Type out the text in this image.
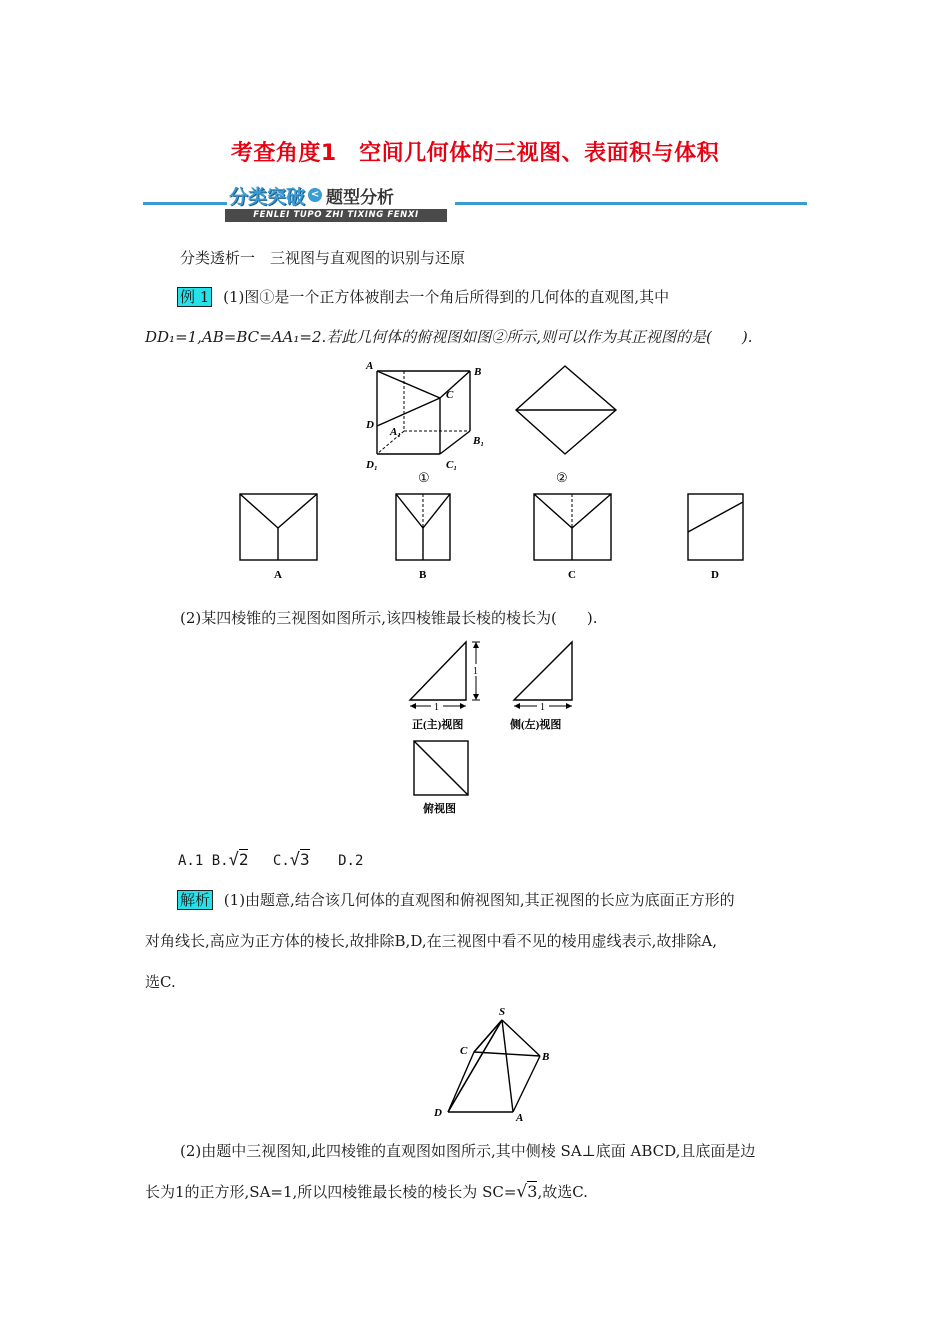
考查角度1　空间几何体的三视图、表面积与体积
分类突破 < 题型分析
FENLEI TUPO ZHI TIXING FENXI
分类透析一　三视图与直观图的识别与还原
例 1 (1)图①是一个正方体被削去一个角后所得到的几何体的直观图,其中
DD₁=1,AB=BC=AA₁=2.若此几何体的俯视图如图②所示,则可以作为其正视图的是(　　).
A	B
C
D
A₁
B₁
C₁
D₁
①	②
A	B	C	D
(2)某四棱锥的三视图如图所示,该四棱锥最长棱的棱长为(　　).
1
1
正(主)视图
1
侧(左)视图
俯视图
A.1 B.√2 C.√3 D.2
解析 (1)由题意,结合该几何体的直观图和俯视图知,其正视图的长应为底面正方形的
对角线长,高应为正方体的棱长,故排除B,D,在三视图中看不见的棱用虚线表示,故排除A,
选C.
S
C	B
D	A
(2)由题中三视图知,此四棱锥的直观图如图所示,其中侧棱 SA⊥底面 ABCD,且底面是边
长为1的正方形,SA=1,所以四棱锥最长棱的棱长为 SC=√3,故选C.
